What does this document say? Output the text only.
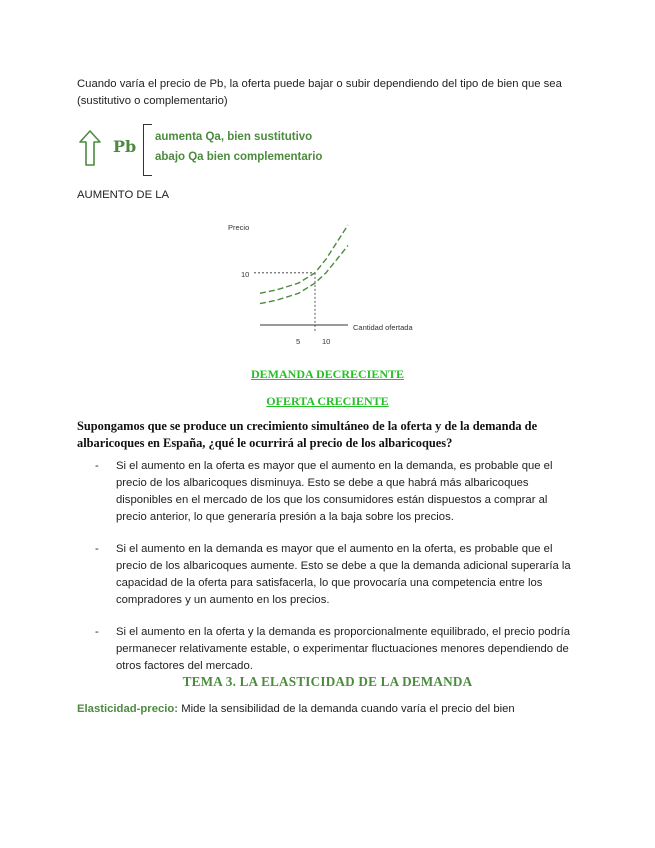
Cuando varía el precio de Pb, la oferta puede bajar o subir dependiendo del tipo de bien que sea (sustitutivo o complementario)
Pb aumenta Qa, bien sustitutivo
abajo Qa bien complementario
AUMENTO DE LA
Precio
10
Cantidad ofertada
5	10
DEMANDA DECRECIENTE
OFERTA CRECIENTE
Supongamos que se produce un crecimiento simultáneo de la oferta y de la demanda de albaricoques en España, ¿qué le ocurrirá al precio de los albaricoques?
- Si el aumento en la oferta es mayor que el aumento en la demanda, es probable que el precio de los albaricoques disminuya. Esto se debe a que habrá más albaricoques disponibles en el mercado de los que los consumidores están dispuestos a comprar al precio anterior, lo que generaría presión a la baja sobre los precios.
- Si el aumento en la demanda es mayor que el aumento en la oferta, es probable que el precio de los albaricoques aumente. Esto se debe a que la demanda adicional superaría la capacidad de la oferta para satisfacerla, lo que provocaría una competencia entre los compradores y un aumento en los precios.
- Si el aumento en la oferta y la demanda es proporcionalmente equilibrado, el precio podría permanecer relativamente estable, o experimentar fluctuaciones menores dependiendo de otros factores del mercado.
TEMA 3. LA ELASTICIDAD DE LA DEMANDA
Elasticidad-precio: Mide la sensibilidad de la demanda cuando varía el precio del bien
